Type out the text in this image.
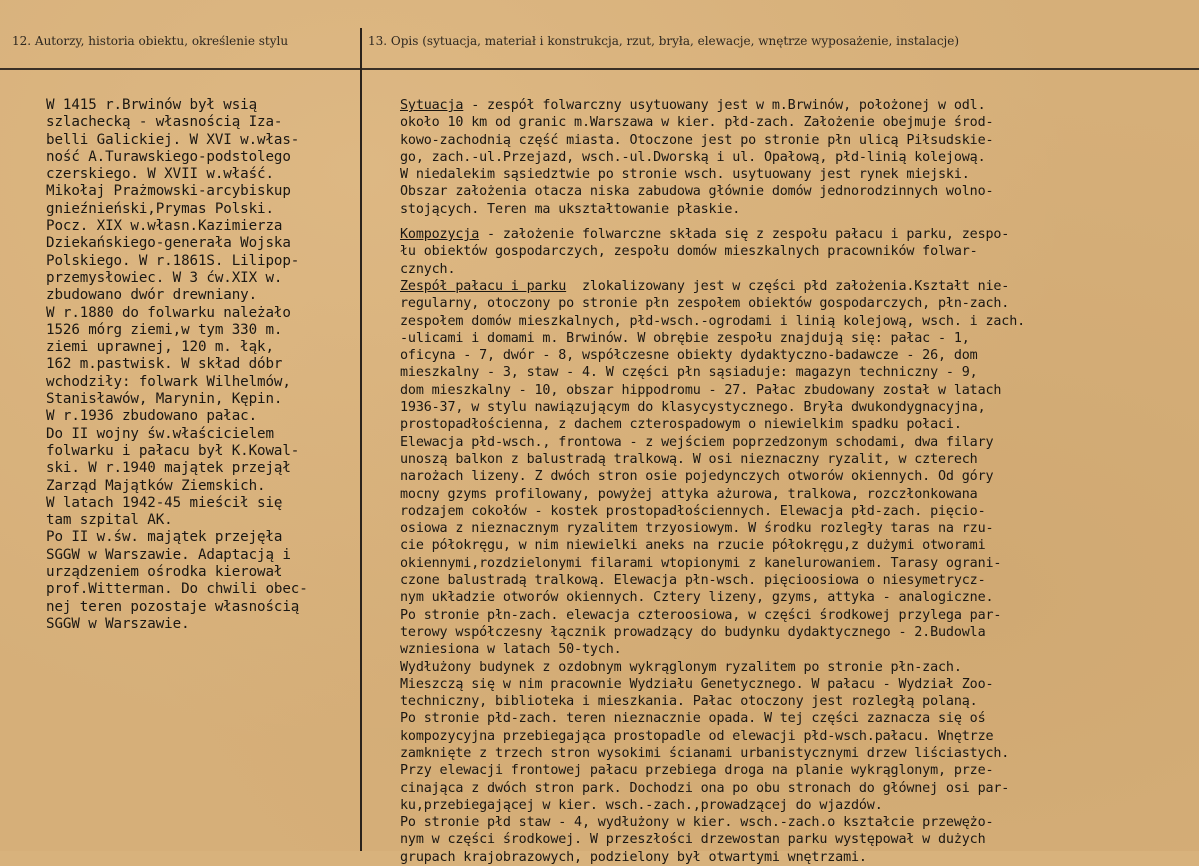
12. Autorzy, historia obiektu, określenie stylu	13. Opis (sytuacja, materiał i konstrukcja, rzut, bryła, elewacje, wnętrze wyposażenie, instalacje)
W 1415 r.Brwinów był wsią
szlachecką - własnością Iza-
belli Galickiej. W XVI w.włas-
ność A.Turawskiego-podstolego
czerskiego. W XVII w.właść.
Mikołaj Prażmowski-arcybiskup
gnieźnieński,Prymas Polski.
Pocz. XIX w.własn.Kazimierza
Dziekańskiego-generała Wojska
Polskiego. W r.1861S. Lilipop-
przemysłowiec. W 3 ćw.XIX w.
zbudowano dwór drewniany.
W r.1880 do folwarku należało
1526 mórg ziemi,w tym 330 m.
ziemi uprawnej, 120 m. łąk,
162 m.pastwisk. W skład dóbr
wchodziły: folwark Wilhelmów,
Stanisławów, Marynin, Kępin.
W r.1936 zbudowano pałac.
Do II wojny św.właścicielem
folwarku i pałacu był K.Kowal-
ski. W r.1940 majątek przejął
Zarząd Majątków Ziemskich.
W latach 1942-45 mieścił się
tam szpital AK.
Po II w.św. majątek przejęła
SGGW w Warszawie. Adaptacją i
urządzeniem ośrodka kierował
prof.Witterman. Do chwili obec-
nej teren pozostaje własnością
SGGW w Warszawie.
Sytuacja - zespół folwarczny usytuowany jest w m.Brwinów, położonej w odl.
około 10 km od granic m.Warszawa w kier. płd-zach. Założenie obejmuje środ-
kowo-zachodnią część miasta. Otoczone jest po stronie płn ulicą Piłsudskie-
go, zach.-ul.Przejazd, wsch.-ul.Dworską i ul. Opałową, płd-linią kolejową.
W niedalekim sąsiedztwie po stronie wsch. usytuowany jest rynek miejski.
Obszar założenia otacza niska zabudowa głównie domów jednorodzinnych wolno-
stojących. Teren ma ukształtowanie płaskie.
Kompozycja - założenie folwarczne składa się z zespołu pałacu i parku, zespo-
łu obiektów gospodarczych, zespołu domów mieszkalnych pracowników folwar-
cznych.
Zespół pałacu i parku  zlokalizowany jest w części płd założenia.Kształt nie-
regularny, otoczony po stronie płn zespołem obiektów gospodarczych, płn-zach.
zespołem domów mieszkalnych, płd-wsch.-ogrodami i linią kolejową, wsch. i zach.
-ulicami i domami m. Brwinów. W obrębie zespołu znajdują się: pałac - 1,
oficyna - 7, dwór - 8, współczesne obiekty dydaktyczno-badawcze - 26, dom
mieszkalny - 3, staw - 4. W części płn sąsiaduje: magazyn techniczny - 9,
dom mieszkalny - 10, obszar hippodromu - 27. Pałac zbudowany został w latach
1936-37, w stylu nawiązującym do klasycystycznego. Bryła dwukondygnacyjna,
prostopadłościenna, z dachem czterospadowym o niewielkim spadku połaci.
Elewacja płd-wsch., frontowa - z wejściem poprzedzonym schodami, dwa filary
unoszą balkon z balustradą tralkową. W osi nieznaczny ryzalit, w czterech
narożach lizeny. Z dwóch stron osie pojedynczych otworów okiennych. Od góry
mocny gzyms profilowany, powyżej attyka ażurowa, tralkowa, rozczłonkowana
rodzajem cokołów - kostek prostopadłościennych. Elewacja płd-zach. pięcio-
osiowa z nieznacznym ryzalitem trzyosiowym. W środku rozległy taras na rzu-
cie półokręgu, w nim niewielki aneks na rzucie półokręgu,z dużymi otworami
okiennymi,rozdzielonymi filarami wtopionymi z kanelurowaniem. Tarasy ograni-
czone balustradą tralkową. Elewacja płn-wsch. pięcioosiowa o niesymetrycz-
nym układzie otworów okiennych. Cztery lizeny, gzyms, attyka - analogiczne.
Po stronie płn-zach. elewacja czteroosiowa, w części środkowej przylega par-
terowy współczesny łącznik prowadzący do budynku dydaktycznego - 2.Budowla
wzniesiona w latach 50-tych.
Wydłużony budynek z ozdobnym wykrąglonym ryzalitem po stronie płn-zach.
Mieszczą się w nim pracownie Wydziału Genetycznego. W pałacu - Wydział Zoo-
techniczny, biblioteka i mieszkania. Pałac otoczony jest rozległą polaną.
Po stronie płd-zach. teren nieznacznie opada. W tej części zaznacza się oś
kompozycyjna przebiegająca prostopadle od elewacji płd-wsch.pałacu. Wnętrze
zamknięte z trzech stron wysokimi ścianami urbanistycznymi drzew liściastych.
Przy elewacji frontowej pałacu przebiega droga na planie wykrąglonym, prze-
cinająca z dwóch stron park. Dochodzi ona po obu stronach do głównej osi par-
ku,przebiegającej w kier. wsch.-zach.,prowadzącej do wjazdów.
Po stronie płd staw - 4, wydłużony w kier. wsch.-zach.o kształcie przewężo-
nym w części środkowej. W przeszłości drzewostan parku występował w dużych
grupach krajobrazowych, podzielony był otwartymi wnętrzami.
